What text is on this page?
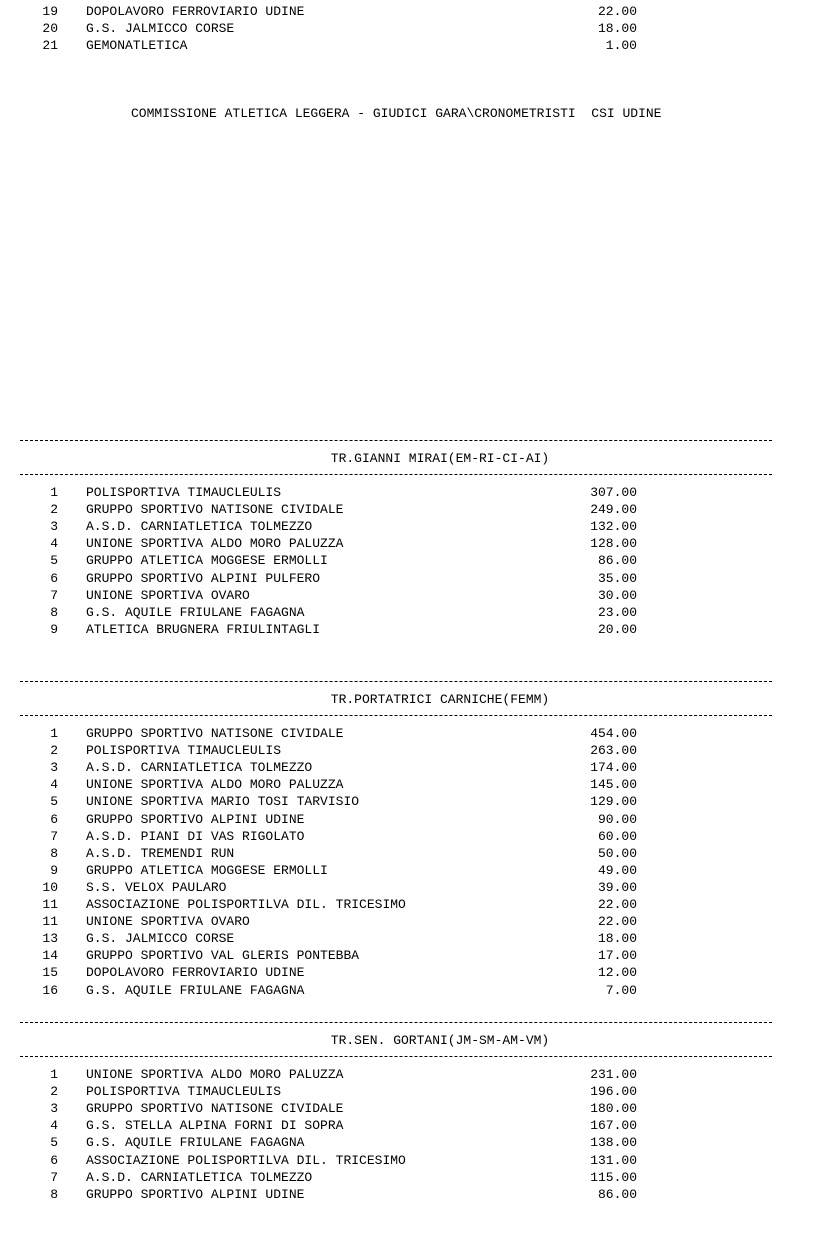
COMMISSIONE ATLETICA LEGGERA - GIUDICI GARA\CRONOMETRISTI  CSI UDINE
19 DOPOLAVORO FERROVIARIO UDINE	22.00
20 G.S. JALMICCO CORSE	18.00
21 GEMONATLETICA	1.00
TR.GIANNI MIRAI(EM-RI-CI-AI)
1 POLISPORTIVA TIMAUCLEULIS	307.00
2 GRUPPO SPORTIVO NATISONE CIVIDALE	249.00
3 A.S.D. CARNIATLETICA TOLMEZZO	132.00
4 UNIONE SPORTIVA ALDO MORO PALUZZA	128.00
5 GRUPPO ATLETICA MOGGESE ERMOLLI	86.00
6 GRUPPO SPORTIVO ALPINI PULFERO	35.00
7 UNIONE SPORTIVA OVARO	30.00
8 G.S. AQUILE FRIULANE FAGAGNA	23.00
9 ATLETICA BRUGNERA FRIULINTAGLI	20.00
TR.PORTATRICI CARNICHE(FEMM)
1 GRUPPO SPORTIVO NATISONE CIVIDALE	454.00
2 POLISPORTIVA TIMAUCLEULIS	263.00
3 A.S.D. CARNIATLETICA TOLMEZZO	174.00
4 UNIONE SPORTIVA ALDO MORO PALUZZA	145.00
5 UNIONE SPORTIVA MARIO TOSI TARVISIO	129.00
6 GRUPPO SPORTIVO ALPINI UDINE	90.00
7 A.S.D. PIANI DI VAS RIGOLATO	60.00
8 A.S.D. TREMENDI RUN	50.00
9 GRUPPO ATLETICA MOGGESE ERMOLLI	49.00
10 S.S. VELOX PAULARO	39.00
11 ASSOCIAZIONE POLISPORTILVA DIL. TRICESIMO	22.00
11 UNIONE SPORTIVA OVARO	22.00
13 G.S. JALMICCO CORSE	18.00
14 GRUPPO SPORTIVO VAL GLERIS PONTEBBA	17.00
15 DOPOLAVORO FERROVIARIO UDINE	12.00
16 G.S. AQUILE FRIULANE FAGAGNA	7.00
TR.SEN. GORTANI(JM-SM-AM-VM)
1 UNIONE SPORTIVA ALDO MORO PALUZZA	231.00
2 POLISPORTIVA TIMAUCLEULIS	196.00
3 GRUPPO SPORTIVO NATISONE CIVIDALE	180.00
4 G.S. STELLA ALPINA FORNI DI SOPRA	167.00
5 G.S. AQUILE FRIULANE FAGAGNA	138.00
6 ASSOCIAZIONE POLISPORTILVA DIL. TRICESIMO	131.00
7 A.S.D. CARNIATLETICA TOLMEZZO	115.00
8 GRUPPO SPORTIVO ALPINI UDINE	86.00
